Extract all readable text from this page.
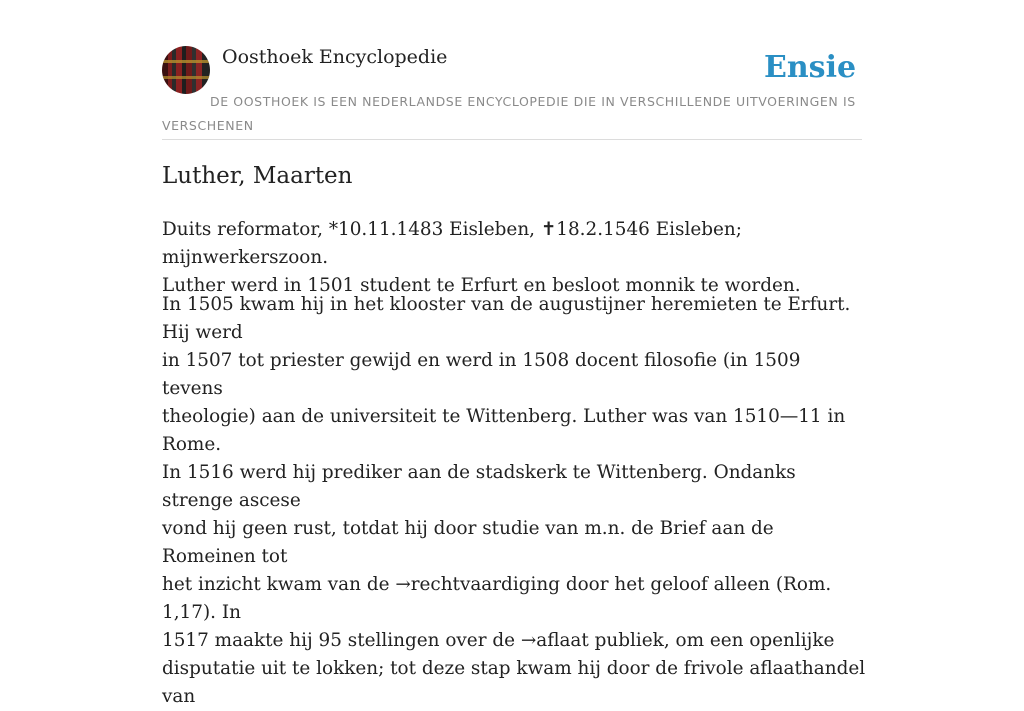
Oosthoek Encyclopedie	Ensie
DE OOSTHOEK IS EEN NEDERLANDSE ENCYCLOPEDIE DIE IN VERSCHILLENDE UITVOERINGEN IS VERSCHENEN
Luther, Maarten

Duits reformator, *10.11.1483 Eisleben, ✝18.2.1546 Eisleben; mijnwerkerszoon.
Luther werd in 1501 student te Erfurt en besloot monnik te worden.

In 1505 kwam hij in het klooster van de augustijner heremieten te Erfurt. Hij werd
in 1507 tot priester gewijd en werd in 1508 docent filosofie (in 1509 tevens
theologie) aan de universiteit te Wittenberg. Luther was van 1510—11 in Rome.
In 1516 werd hij prediker aan de stadskerk te Wittenberg. Ondanks strenge ascese
vond hij geen rust, totdat hij door studie van m.n. de Brief aan de Romeinen tot
het inzicht kwam van de →rechtvaardiging door het geloof alleen (Rom. 1,17). In
1517 maakte hij 95 stellingen over de →aflaat publiek, om een openlijke
disputatie uit te lokken; tot deze stap kwam hij door de frivole aflaathandel van
